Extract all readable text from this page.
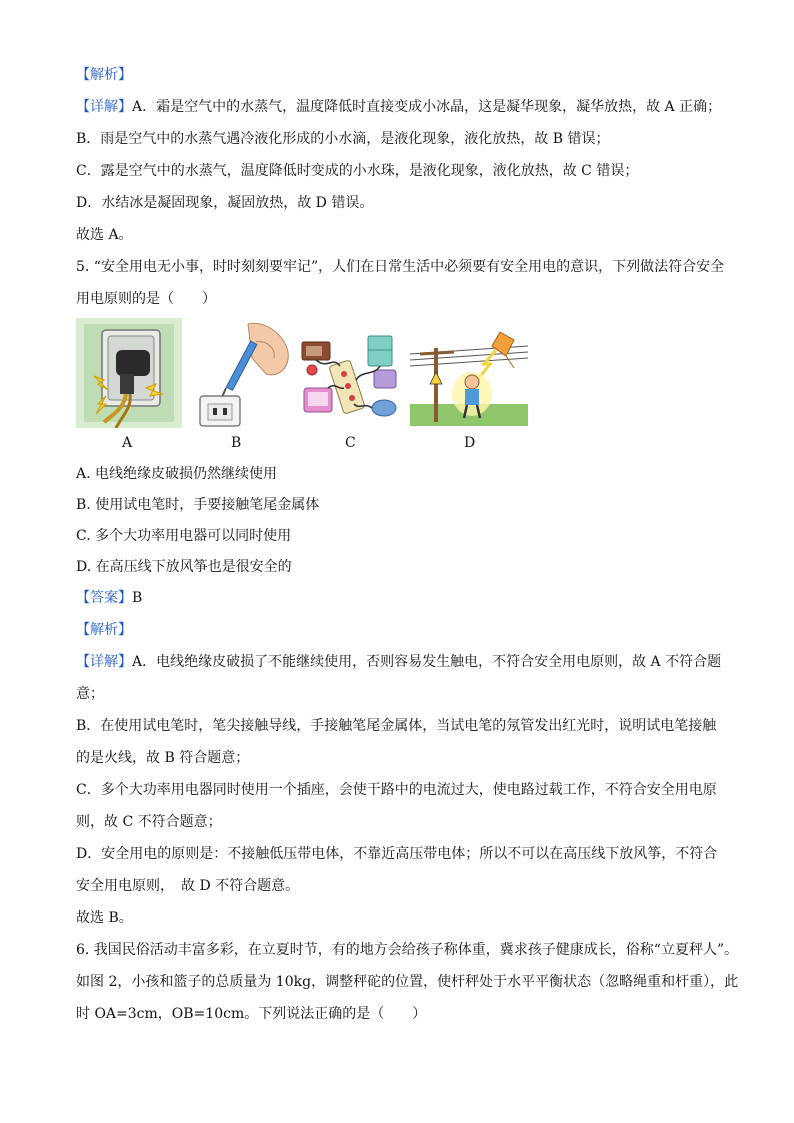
【解析】
【详解】A．霜是空气中的水蒸气，温度降低时直接变成小冰晶，这是凝华现象，凝华放热，故 A 正确；
B．雨是空气中的水蒸气遇冷液化形成的小水滴，是液化现象，液化放热，故 B 错误；
C．露是空气中的水蒸气，温度降低时变成的小水珠，是液化现象，液化放热，故 C 错误；
D．水结冰是凝固现象，凝固放热，故 D 错误。
故选 A。
5. “安全用电无小事，时时刻刻要牢记”，人们在日常生活中必须要有安全用电的意识，下列做法符合安全
用电原则的是（　　）
A	B	C	D
A. 电线绝缘皮破损仍然继续使用
B. 使用试电笔时，手要接触笔尾金属体
C. 多个大功率用电器可以同时使用
D. 在高压线下放风筝也是很安全的
【答案】B
【解析】
【详解】A．电线绝缘皮破损了不能继续使用，否则容易发生触电，不符合安全用电原则，故 A 不符合题
意；
B．在使用试电笔时，笔尖接触导线，手接触笔尾金属体，当试电笔的氖管发出红光时，说明试电笔接触
的是火线，故 B 符合题意；
C．多个大功率用电器同时使用一个插座，会使干路中的电流过大，使电路过载工作，不符合安全用电原
则，故 C 不符合题意；
D．安全用电的原则是：不接触低压带电体，不靠近高压带电体；所以不可以在高压线下放风筝，不符合
安全用电原则，　故 D 不符合题意。
故选 B。
6. 我国民俗活动丰富多彩，在立夏时节，有的地方会给孩子称体重，冀求孩子健康成长，俗称“立夏秤人”。
如图 2，小孩和篮子的总质量为 10kg，调整秤砣的位置，使杆秤处于水平平衡状态（忽略绳重和杆重），此
时 OA=3cm，OB=10cm。下列说法正确的是（　　）
